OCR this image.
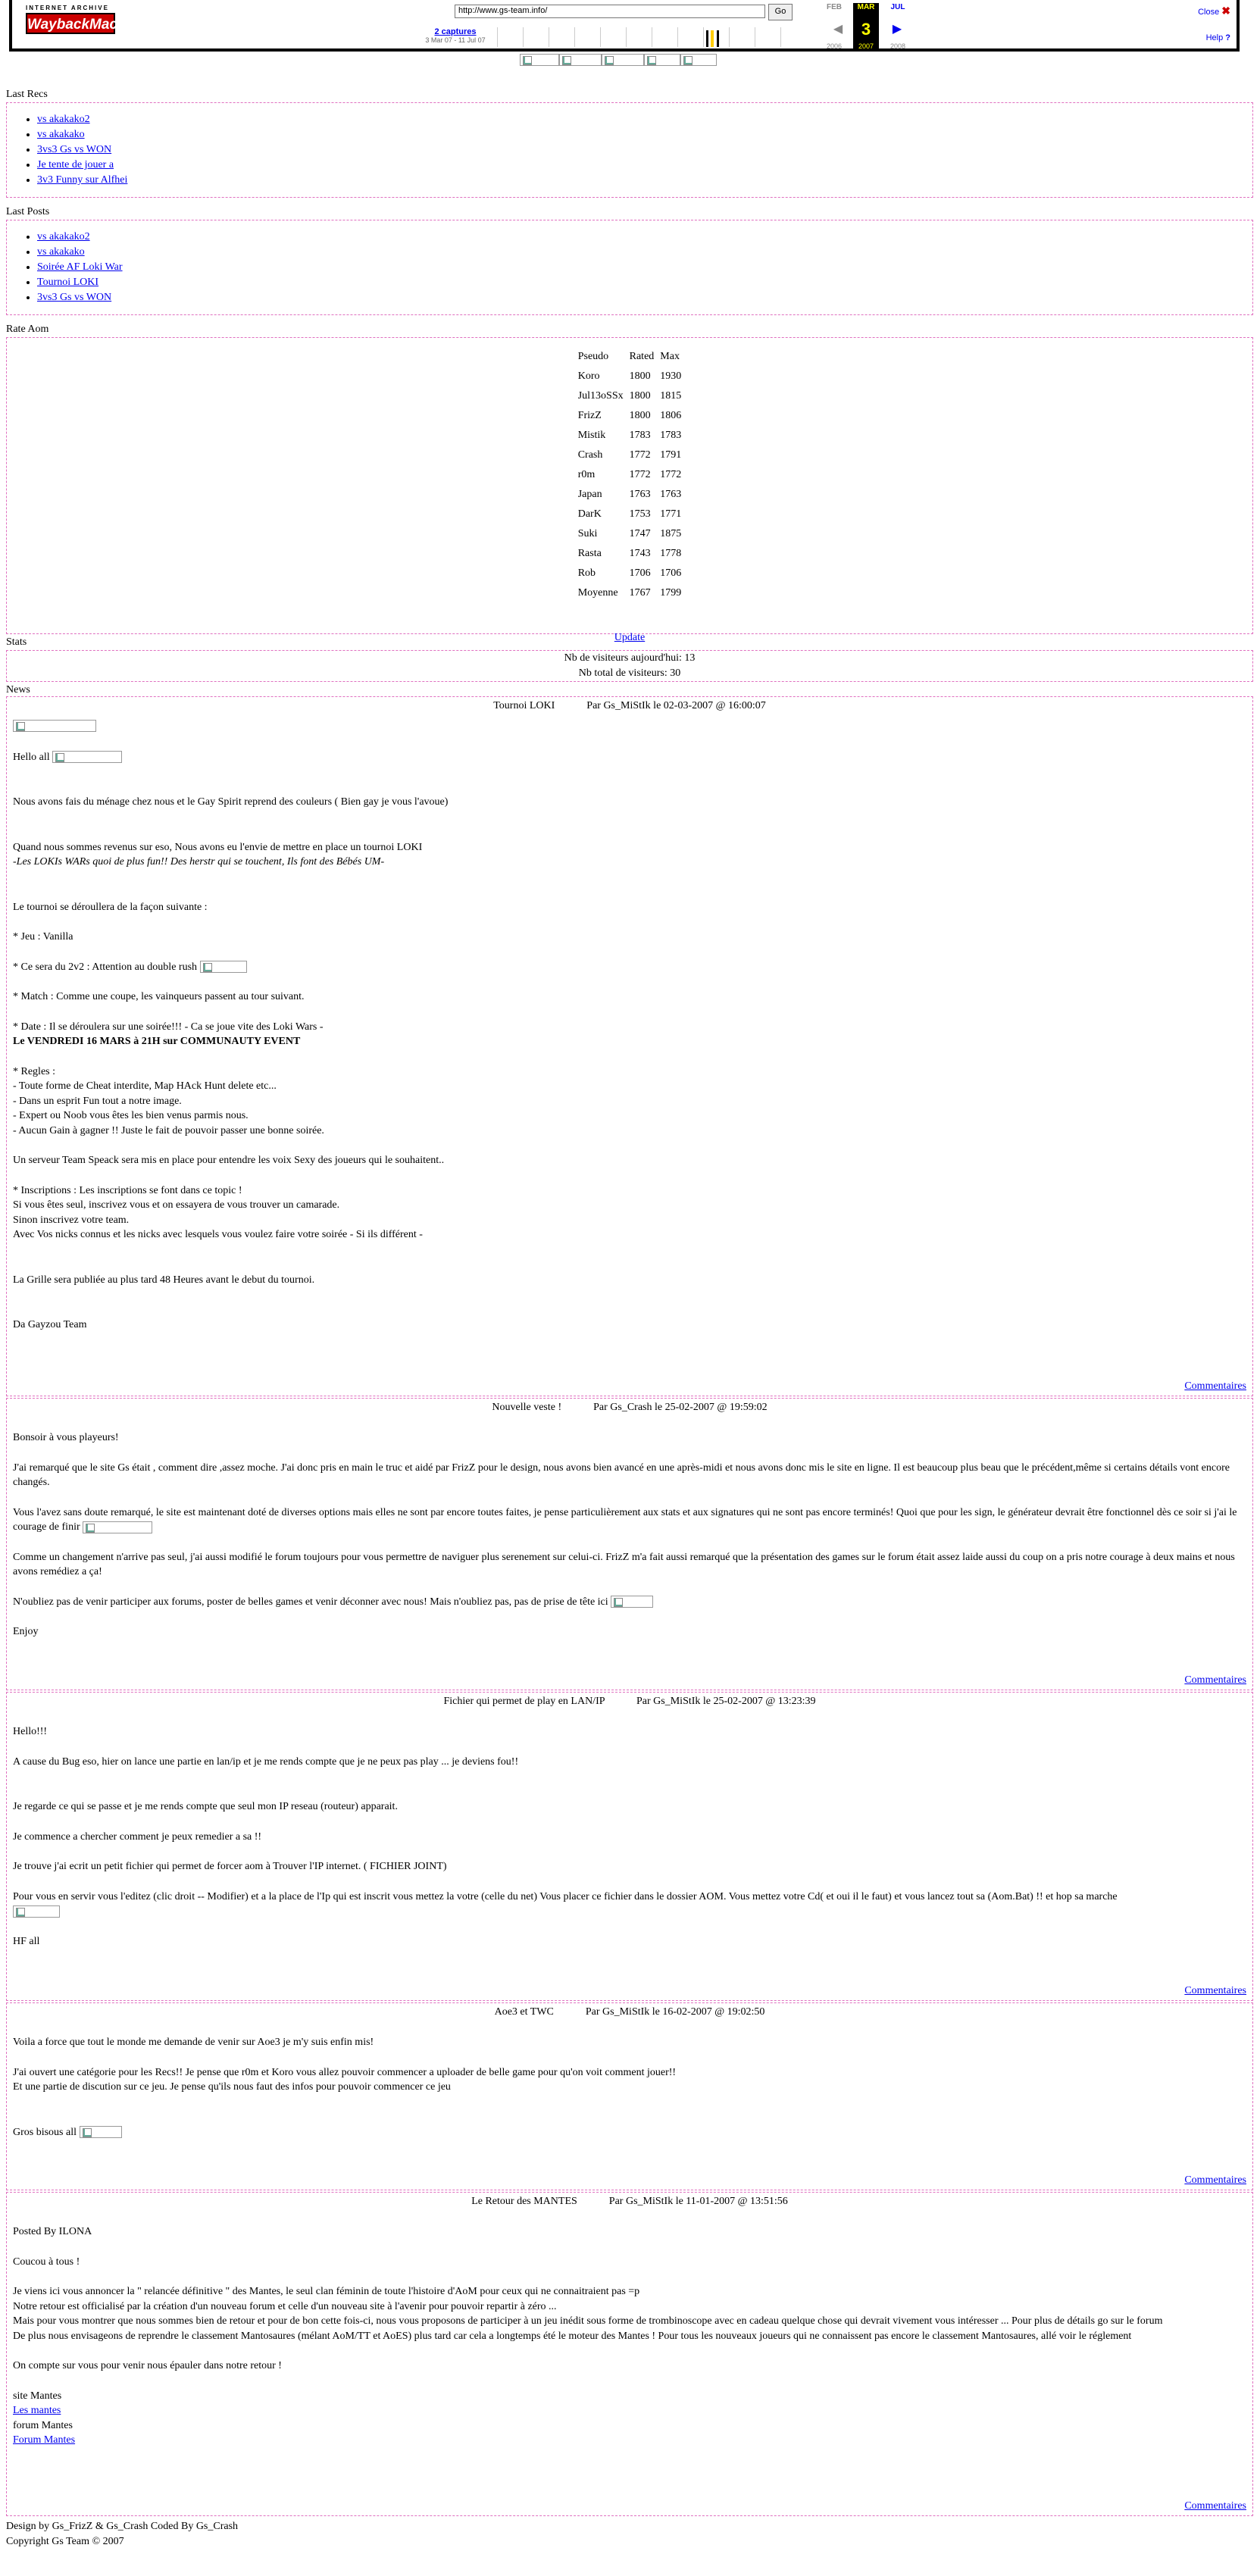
INTERNET ARCHIVE
WaybackMachine
http://www.gs-team.info/	Go
2 captures
3 Mar 07 - 11 Jul 07
FEB	MAR	JUL
◀	3	▶
2006	2007	2008
Close ✖
Help ?
Last Recs
• vs akakako2
• vs akakako
• 3vs3 Gs vs WON
• Je tente de jouer a
• 3v3 Funny sur Alfhei
Last Posts
• vs akakako2
• vs akakako
• Soirée AF Loki War
• Tournoi LOKI
• 3vs3 Gs vs WON
Rate Aom
Pseudo	Rated	Max
Koro	1800	1930
Jul13oSSx	1800	1815
FrizZ	1800	1806
Mistik	1783	1783
Crash	1772	1791
r0m	1772	1772
Japan	1763	1763
DarK	1753	1771
Suki	1747	1875
Rasta	1743	1778
Rob	1706	1706
Moyenne	1767	1799
Update
Stats
Nb de visiteurs aujourd'hui: 13
Nb total de visiteurs: 30
News
Tournoi LOKI	Par Gs_MiStIk le 02-03-2007 @ 16:00:07

Hello all

Nous avons fais du ménage chez nous et le Gay Spirit reprend des couleurs ( Bien gay je vous l'avoue)

Quand nous sommes revenus sur eso, Nous avons eu l'envie de mettre en place un tournoi LOKI

-Les LOKIs WARs quoi de plus fun!! Des herstr qui se touchent, Ils font des Bébés UM-

Le tournoi se déroullera de la façon suivante :

* Jeu : Vanilla

* Ce sera du 2v2 : Attention au double rush

* Match : Comme une coupe, les vainqueurs passent au tour suivant.

* Date : Il se déroulera sur une soirée!!! - Ca se joue vite des Loki Wars -

Le VENDREDI 16 MARS à 21H sur COMMUNAUTY EVENT

* Regles :

- Toute forme de Cheat interdite, Map HAck Hunt delete etc...

- Dans un esprit Fun tout a notre image.

- Expert ou Noob vous êtes les bien venus parmis nous.

- Aucun Gain à gagner !! Juste le fait de pouvoir passer une bonne soirée.

Un serveur Team Speack sera mis en place pour entendre les voix Sexy des joueurs qui le souhaitent..

* Inscriptions : Les inscriptions se font dans ce topic !

Si vous êtes seul, inscrivez vous et on essayera de vous trouver un camarade.

Sinon inscrivez votre team.

Avec Vos nicks connus et les nicks avec lesquels vous voulez faire votre soirée - Si ils différent -

La Grille sera publiée au plus tard 48 Heures avant le debut du tournoi.

Da Gayzou Team

Commentaires
Nouvelle veste !	Par Gs_Crash le 25-02-2007 @ 19:59:02

Bonsoir à vous playeurs!

J'ai remarqué que le site Gs était , comment dire ,assez moche. J'ai donc pris en main le truc et aidé par FrizZ pour le design, nous avons bien avancé en une après-midi et nous avons donc mis le site en ligne. Il est beaucoup plus beau que le précédent,même si certains détails vont encore changés.

Vous l'avez sans doute remarqué, le site est maintenant doté de diverses options mais elles ne sont par encore toutes faites, je pense particulièrement aux stats et aux signatures qui ne sont pas encore terminés! Quoi que pour les sign, le générateur devrait être fonctionnel dès ce soir si j'ai le courage de finir

Comme un changement n'arrive pas seul, j'ai aussi modifié le forum toujours pour vous permettre de naviguer plus serenement sur celui-ci. FrizZ m'a fait aussi remarqué que la présentation des games sur le forum était assez laide aussi du coup on a pris notre courage à deux mains et nous avons remédiez a ça!

N'oubliez pas de venir participer aux forums, poster de belles games et venir déconner avec nous! Mais n'oubliez pas, pas de prise de tête ici

Enjoy

Commentaires
Fichier qui permet de play en LAN/IP	Par Gs_MiStIk le 25-02-2007 @ 13:23:39

Hello!!!

A cause du Bug eso, hier on lance une partie en lan/ip et je me rends compte que je ne peux pas play ... je deviens fou!!

Je regarde ce qui se passe et je me rends compte que seul mon IP reseau (routeur) apparait.

Je commence a chercher comment je peux remedier a sa !!

Je trouve j'ai ecrit un petit fichier qui permet de forcer aom à Trouver l'IP internet. ( FICHIER JOINT)

Pour vous en servir vous l'editez (clic droit -- Modifier) et a la place de l'Ip qui est inscrit vous mettez la votre (celle du net) Vous placer ce fichier dans le dossier AOM. Vous mettez votre Cd( et oui il le faut) et vous lancez tout sa (Aom.Bat) !! et hop sa marche

HF all

Commentaires
Aoe3 et TWC	Par Gs_MiStIk le 16-02-2007 @ 19:02:50

Voila a force que tout le monde me demande de venir sur Aoe3 je m'y suis enfin mis!

J'ai ouvert une catégorie pour les Recs!! Je pense que r0m et Koro vous allez pouvoir commencer a uploader de belle game pour qu'on voit comment jouer!!

Et une partie de discution sur ce jeu. Je pense qu'ils nous faut des infos pour pouvoir commencer ce jeu

Gros bisous all

Commentaires
Le Retour des MANTES	Par Gs_MiStIk le 11-01-2007 @ 13:51:56

Posted By ILONA

Coucou à tous !

Je viens ici vous annoncer la " relancée définitive " des Mantes, le seul clan féminin de toute l'histoire d'AoM pour ceux qui ne connaitraient pas =p

Notre retour est officialisé par la création d'un nouveau forum et celle d'un nouveau site à l'avenir pour pouvoir repartir à zéro ...

Mais pour vous montrer que nous sommes bien de retour et pour de bon cette fois-ci, nous vous proposons de participer à un jeu inédit sous forme de trombinoscope avec en cadeau quelque chose qui devrait vivement vous intéresser ... Pour plus de détails go sur le forum

De plus nous envisageons de reprendre le classement Mantosaures (mélant AoM/TT et AoES) plus tard car cela a longtemps été le moteur des Mantes ! Pour tous les nouveaux joueurs qui ne connaissent pas encore le classement Mantosaures, allé voir le réglement

On compte sur vous pour venir nous épauler dans notre retour !

site Mantes

Les mantes

forum Mantes

Forum Mantes

Commentaires
Design by Gs_FrizZ & Gs_Crash Coded By Gs_Crash
Copyright Gs Team © 2007
